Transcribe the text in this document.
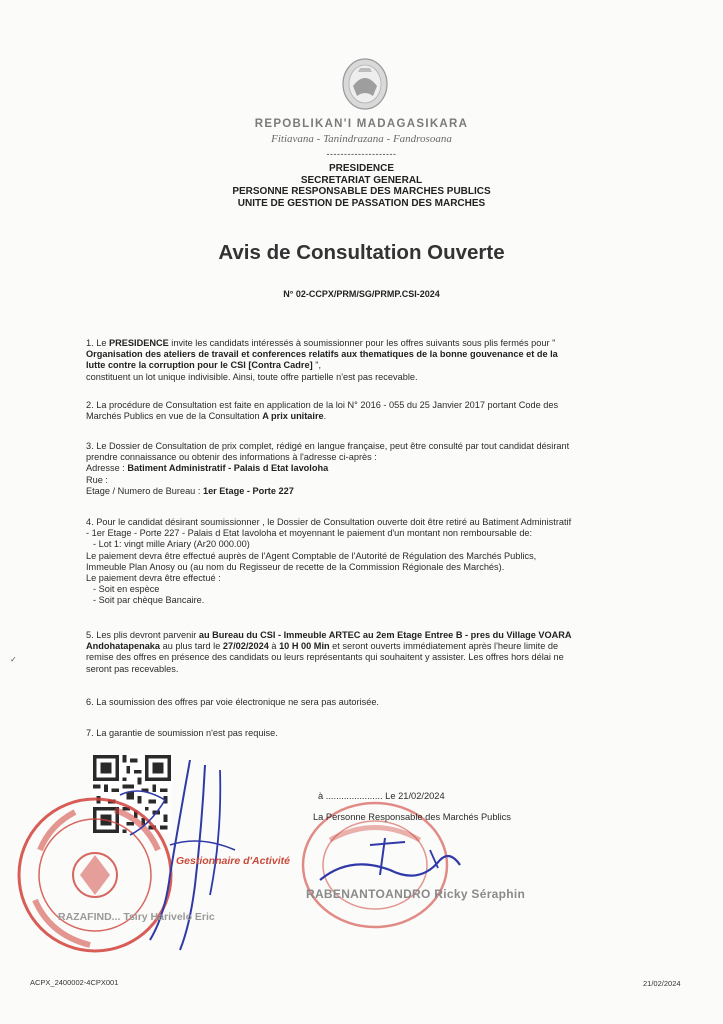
REPOBLIKAN'I MADAGASIKARA
Fitiavana - Tanindrazana - Fandrosoana
--------------------
PRESIDENCE
SECRETARIAT GENERAL
PERSONNE RESPONSABLE DES MARCHES PUBLICS
UNITE DE GESTION DE PASSATION DES MARCHES
Avis de Consultation Ouverte
N° 02-CCPX/PRM/SG/PRMP.CSI-2024
1. Le PRESIDENCE invite les candidats intéressés à soumissionner pour les offres suivants sous plis fermés pour "
Organisation des ateliers de travail et conferences relatifs aux thematiques de la bonne gouvenance et de la
lutte contre la corruption pour le CSI [Contra Cadre] ",
constituent un lot unique indivisible. Ainsi, toute offre partielle n'est pas recevable.
2. La procédure de Consultation est faite en application de la loi N° 2016 - 055 du 25 Janvier 2017 portant Code des
Marchés Publics en vue de la Consultation A prix unitaire.
3. Le Dossier de Consultation de prix complet, rédigé en langue française, peut être consulté par tout candidat désirant
prendre connaissance ou obtenir des informations à l'adresse ci-après :
Adresse : Batiment Administratif - Palais d Etat Iavoloha
Rue :
Etage / Numero de Bureau : 1er Etage - Porte 227
4. Pour le candidat désirant soumissionner , le Dossier de Consultation ouverte doit être retiré au Batiment Administratif
- 1er Etage - Porte 227 - Palais d Etat Iavoloha et moyennant le paiement d'un montant non remboursable de:
- Lot 1: vingt mille Ariary (Ar20 000.00)
Le paiement devra être effectué auprès de l'Agent Comptable de l'Autorité de Régulation des Marchés Publics,
Immeuble Plan Anosy ou (au nom du Regisseur de recette de la Commission Régionale des Marchés).
Le paiement devra être effectué :
- Soit en espèce
- Soit par chèque Bancaire.
5. Les plis devront parvenir au Bureau du CSI - Immeuble ARTEC au 2em Etage Entree B - pres du Village VOARA
Andohatapenaka au plus tard le 27/02/2024 à 10 H 00 Min et seront ouverts immédiatement après l'heure limite de
remise des offres en présence des candidats ou leurs représentants qui souhaitent y assister. Les offres hors délai ne
seront pas recevables.
6. La soumission des offres par voie électronique ne sera pas autorisée.
7. La garantie de soumission n'est pas requise.
✓
Gestionnaire d'Activité
RAZAFIND... Tsiry Harivelo Eric
à ...................... Le 21/02/2024
La Personne Responsable des Marchés Publics
RABENANTOANDRO Ricky Séraphin
ACPX_2400002-4CPX001	21/02/2024
